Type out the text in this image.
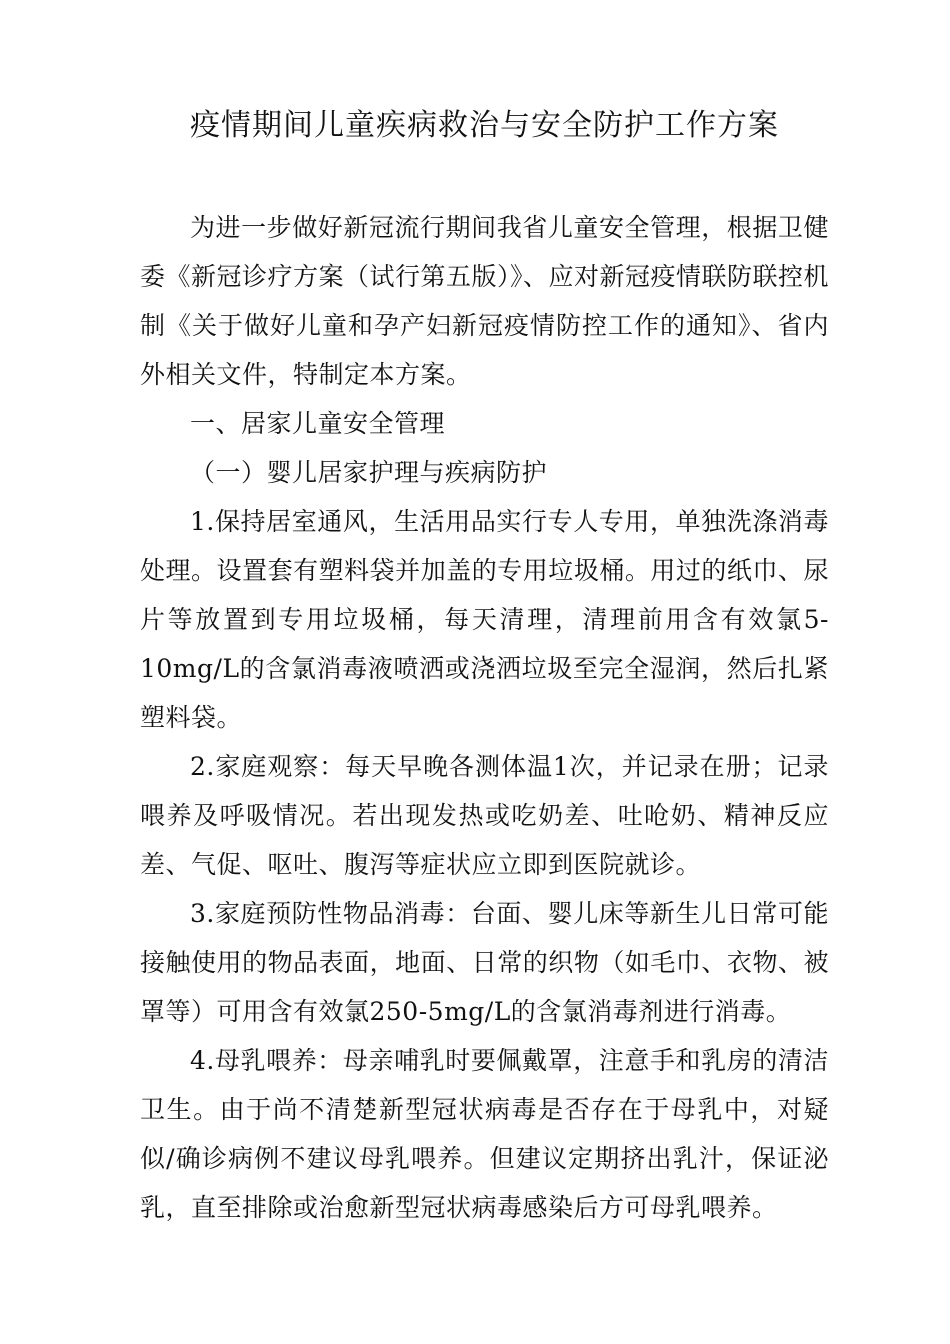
疫情期间儿童疾病救治与安全防护工作方案

为进一步做好新冠流行期间我省儿童安全管理，根据卫健委《新冠诊疗方案（试行第五版）》、应对新冠疫情联防联控机制《关于做好儿童和孕产妇新冠疫情防控工作的通知》、省内外相关文件，特制定本方案。

一、居家儿童安全管理

（一）婴儿居家护理与疾病防护

1.保持居室通风，生活用品实行专人专用，单独洗涤消毒处理。设置套有塑料袋并加盖的专用垃圾桶。用过的纸巾、尿片等放置到专用垃圾桶，每天清理，清理前用含有效氯5-10mg/L的含氯消毒液喷洒或浇洒垃圾至完全湿润，然后扎紧塑料袋。

2.家庭观察：每天早晚各测体温1次，并记录在册；记录喂养及呼吸情况。若出现发热或吃奶差、吐呛奶、精神反应差、气促、呕吐、腹泻等症状应立即到医院就诊。

3.家庭预防性物品消毒：台面、婴儿床等新生儿日常可能接触使用的物品表面，地面、日常的织物（如毛巾、衣物、被罩等）可用含有效氯250-5mg/L的含氯消毒剂进行消毒。

4.母乳喂养：母亲哺乳时要佩戴罩，注意手和乳房的清洁卫生。由于尚不清楚新型冠状病毒是否存在于母乳中，对疑似/确诊病例不建议母乳喂养。但建议定期挤出乳汁，保证泌乳，直至排除或治愈新型冠状病毒感染后方可母乳喂养。
